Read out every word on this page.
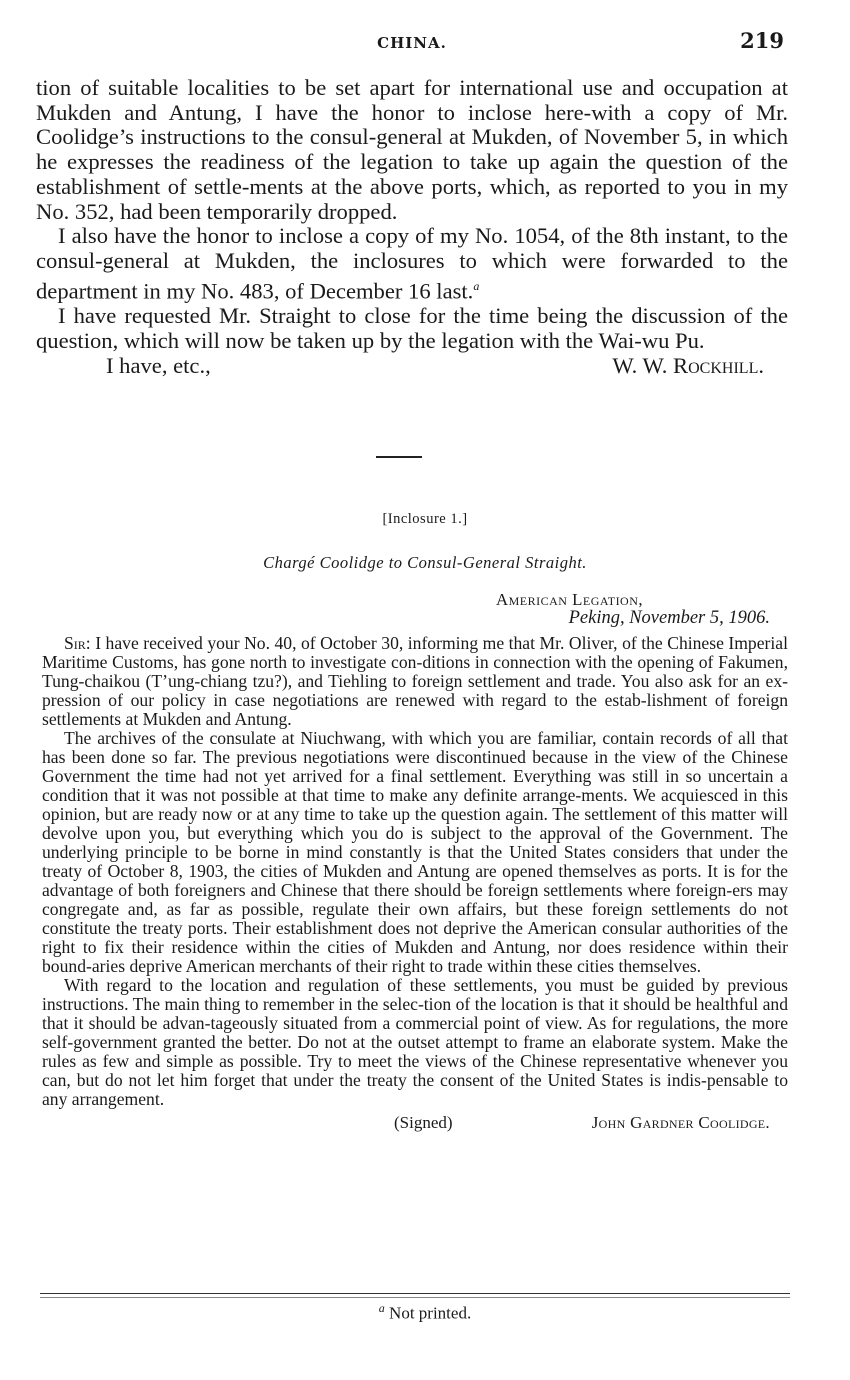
CHINA.	219

tion of suitable localities to be set apart for international use and occupation at Mukden and Antung, I have the honor to inclose here-with a copy of Mr. Coolidge’s instructions to the consul-general at Mukden, of November 5, in which he expresses the readiness of the legation to take up again the question of the establishment of settle-ments at the above ports, which, as reported to you in my No. 352, had been temporarily dropped.

I also have the honor to inclose a copy of my No. 1054, of the 8th instant, to the consul-general at Mukden, the inclosures to which were forwarded to the department in my No. 483, of December 16 last.$^a$

I have requested Mr. Straight to close for the time being the discussion of the question, which will now be taken up by the legation with the Wai-wu Pu.

I have, etc.,	W. W. Rockhill.
[Inclosure 1.]
Chargé Coolidge to Consul-General Straight.
American Legation,
Peking, November 5, 1906.

Sir: I have received your No. 40, of October 30, informing me that Mr. Oliver, of the Chinese Imperial Maritime Customs, has gone north to investigate con-ditions in connection with the opening of Fakumen, Tung-chaikou (T’ung-chiang tzu?), and Tiehling to foreign settlement and trade. You also ask for an ex-pression of our policy in case negotiations are renewed with regard to the estab-lishment of foreign settlements at Mukden and Antung.

The archives of the consulate at Niuchwang, with which you are familiar, contain records of all that has been done so far. The previous negotiations were discontinued because in the view of the Chinese Government the time had not yet arrived for a final settlement. Everything was still in so uncertain a condition that it was not possible at that time to make any definite arrange-ments. We acquiesced in this opinion, but are ready now or at any time to take up the question again. The settlement of this matter will devolve upon you, but everything which you do is subject to the approval of the Government. The underlying principle to be borne in mind constantly is that the United States considers that under the treaty of October 8, 1903, the cities of Mukden and Antung are opened themselves as ports. It is for the advantage of both foreigners and Chinese that there should be foreign settlements where foreign-ers may congregate and, as far as possible, regulate their own affairs, but these foreign settlements do not constitute the treaty ports. Their establishment does not deprive the American consular authorities of the right to fix their residence within the cities of Mukden and Antung, nor does residence within their bound-aries deprive American merchants of their right to trade within these cities themselves.

With regard to the location and regulation of these settlements, you must be guided by previous instructions. The main thing to remember in the selec-tion of the location is that it should be healthful and that it should be advan-tageously situated from a commercial point of view. As for regulations, the more self-government granted the better. Do not at the outset attempt to frame an elaborate system. Make the rules as few and simple as possible. Try to meet the views of the Chinese representative whenever you can, but do not let him forget that under the treaty the consent of the United States is indis-pensable to any arrangement.

(Signed)	John Gardner Coolidge.
$^a$ Not printed.
